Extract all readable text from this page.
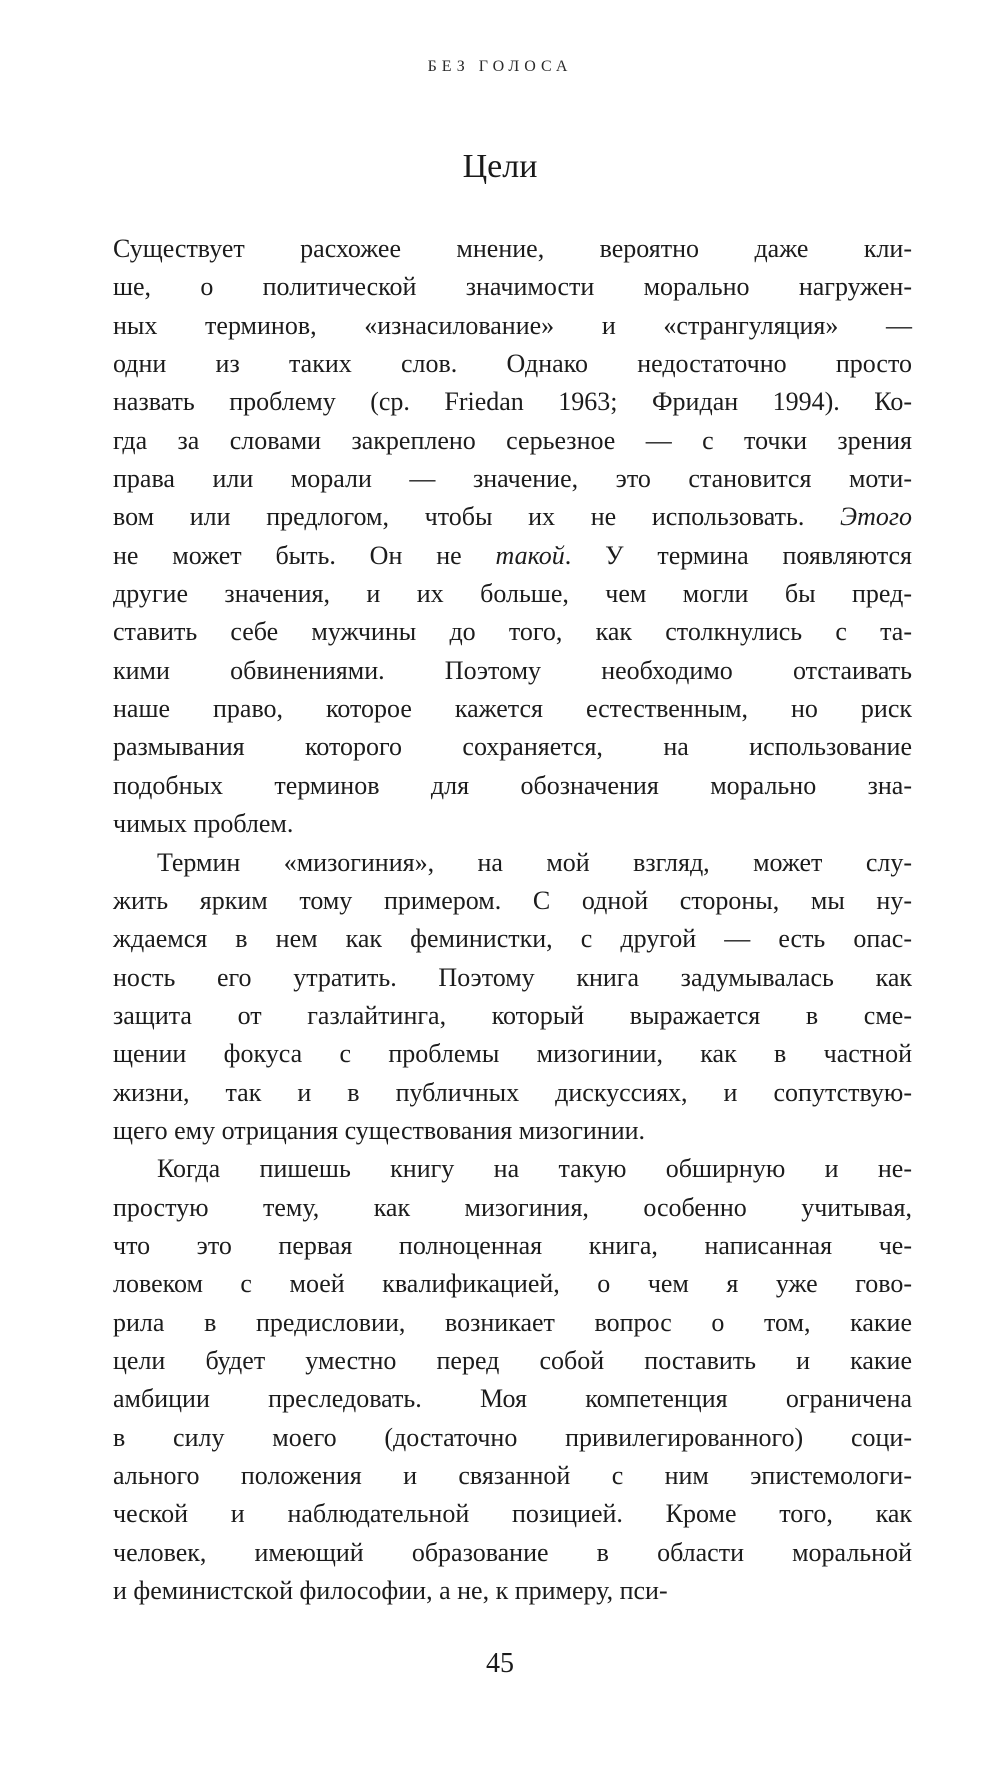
БЕЗ ГОЛОСА
Цели
Существует расхожее мнение, вероятно даже кли-
ше, о политической значимости морально нагружен-
ных терминов, «изнасилование» и «странгуляция» —
одни из таких слов. Однако недостаточно просто
назвать проблему (ср. Friedan 1963; Фридан 1994). Ко-
гда за словами закреплено серьезное — с точки зрения
права или морали — значение, это становится моти-
вом или предлогом, чтобы их не использовать. Этого
не может быть. Он не такой. У термина появляются
другие значения, и их больше, чем могли бы пред-
ставить себе мужчины до того, как столкнулись с та-
кими обвинениями. Поэтому необходимо отстаивать
наше право, которое кажется естественным, но риск
размывания которого сохраняется, на использование
подобных терминов для обозначения морально зна-
чимых проблем.
Термин «мизогиния», на мой взгляд, может слу-
жить ярким тому примером. С одной стороны, мы ну-
ждаемся в нем как феминистки, с другой — есть опас-
ность его утратить. Поэтому книга задумывалась как
защита от газлайтинга, который выражается в сме-
щении фокуса с проблемы мизогинии, как в частной
жизни, так и в публичных дискуссиях, и сопутствую-
щего ему отрицания существования мизогинии.
Когда пишешь книгу на такую обширную и не-
простую тему, как мизогиния, особенно учитывая,
что это первая полноценная книга, написанная че-
ловеком с моей квалификацией, о чем я уже гово-
рила в предисловии, возникает вопрос о том, какие
цели будет уместно перед собой поставить и какие
амбиции преследовать. Моя компетенция ограничена
в силу моего (достаточно привилегированного) соци-
ального положения и связанной с ним эпистемологи-
ческой и наблюдательной позицией. Кроме того, как
человек, имеющий образование в области моральной
и феминистской философии, а не, к примеру, пси-
45
